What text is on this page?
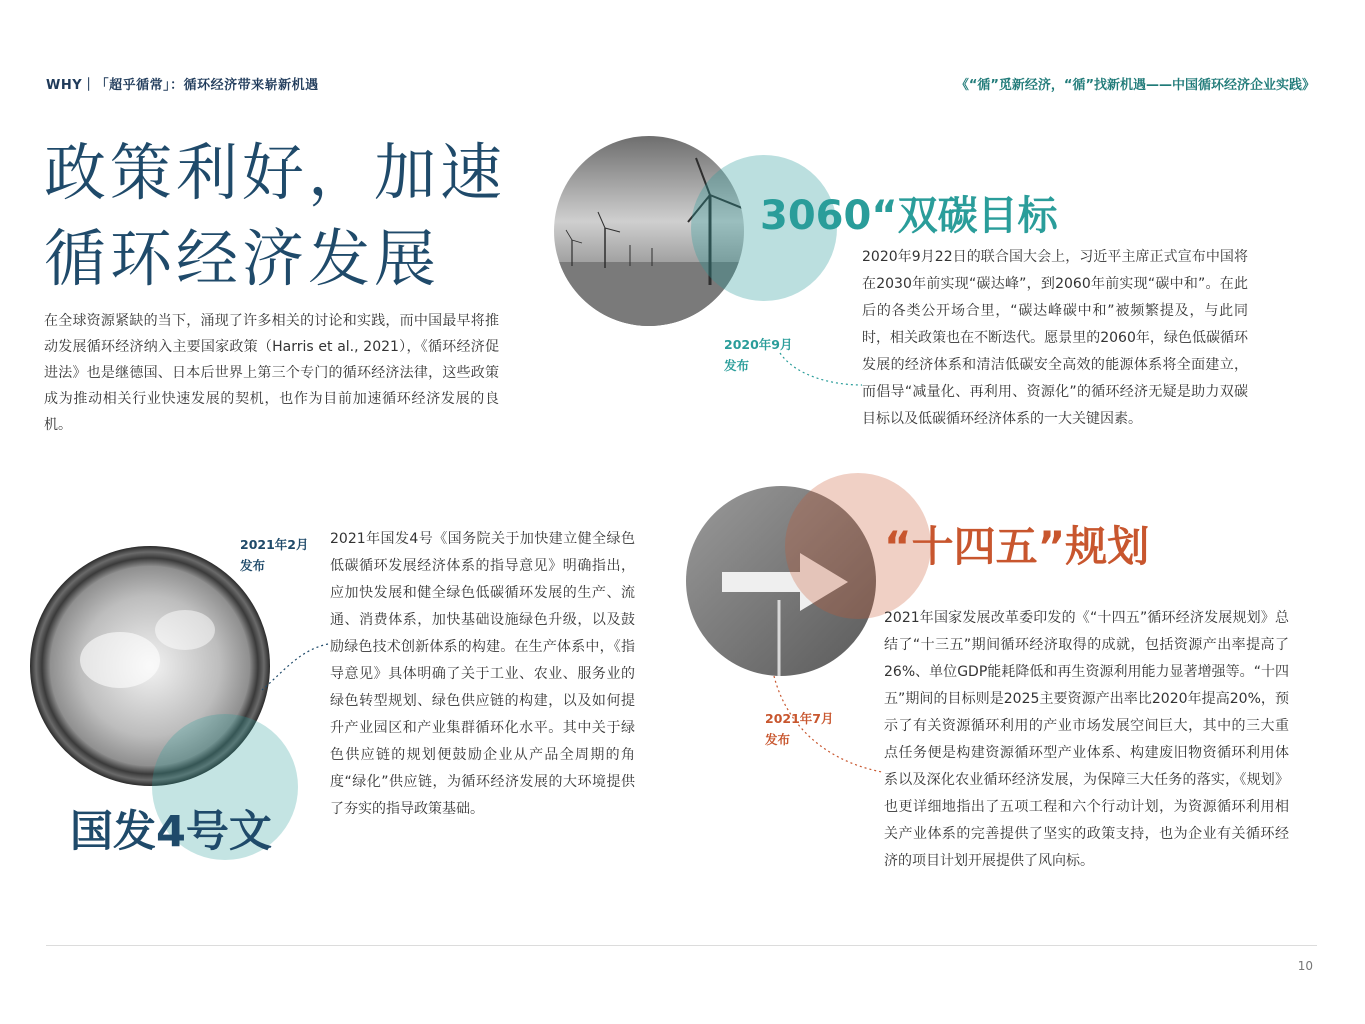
WHY｜「超乎循常」：循环经济带来崭新机遇	《“循”觅新经济，“循”找新机遇——中国循环经济企业实践》
政策利好，加速
循环经济发展
在全球资源紧缺的当下，涌现了许多相关的讨论和实践，而中国最早将推动发展循环经济纳入主要国家政策（Harris et al., 2021），《循环经济促进法》也是继德国、日本后世界上第三个专门的循环经济法律，这些政策成为推动相关行业快速发展的契机，也作为目前加速循环经济发展的良机。
3060“双碳目标
2020年9月
发布
2020年9月22日的联合国大会上，习近平主席正式宣布中国将在2030年前实现“碳达峰”，到2060年前实现“碳中和”。在此后的各类公开场合里，“碳达峰碳中和”被频繁提及，与此同时，相关政策也在不断迭代。愿景里的2060年，绿色低碳循环发展的经济体系和清洁低碳安全高效的能源体系将全面建立，而倡导“减量化、再利用、资源化”的循环经济无疑是助力双碳目标以及低碳循环经济体系的一大关键因素。
2021年2月
发布
2021年国发4号《国务院关于加快建立健全绿色低碳循环发展经济体系的指导意见》明确指出，应加快发展和健全绿色低碳循环发展的生产、流通、消费体系，加快基础设施绿色升级，以及鼓励绿色技术创新体系的构建。在生产体系中，《指导意见》具体明确了关于工业、农业、服务业的绿色转型规划、绿色供应链的构建，以及如何提升产业园区和产业集群循环化水平。其中关于绿色供应链的规划便鼓励企业从产品全周期的角度“绿化”供应链，为循环经济发展的大环境提供了夯实的指导政策基础。
国发4号文
“十四五”规划
2021年7月
发布
2021年国家发展改革委印发的《“十四五”循环经济发展规划》总结了“十三五”期间循环经济取得的成就，包括资源产出率提高了26%、单位GDP能耗降低和再生资源利用能力显著增强等。“十四五”期间的目标则是2025主要资源产出率比2020年提高20%，预示了有关资源循环利用的产业市场发展空间巨大，其中的三大重点任务便是构建资源循环型产业体系、构建废旧物资循环利用体系以及深化农业循环经济发展，为保障三大任务的落实，《规划》也更详细地指出了五项工程和六个行动计划，为资源循环利用相关产业体系的完善提供了坚实的政策支持，也为企业有关循环经济的项目计划开展提供了风向标。
10
